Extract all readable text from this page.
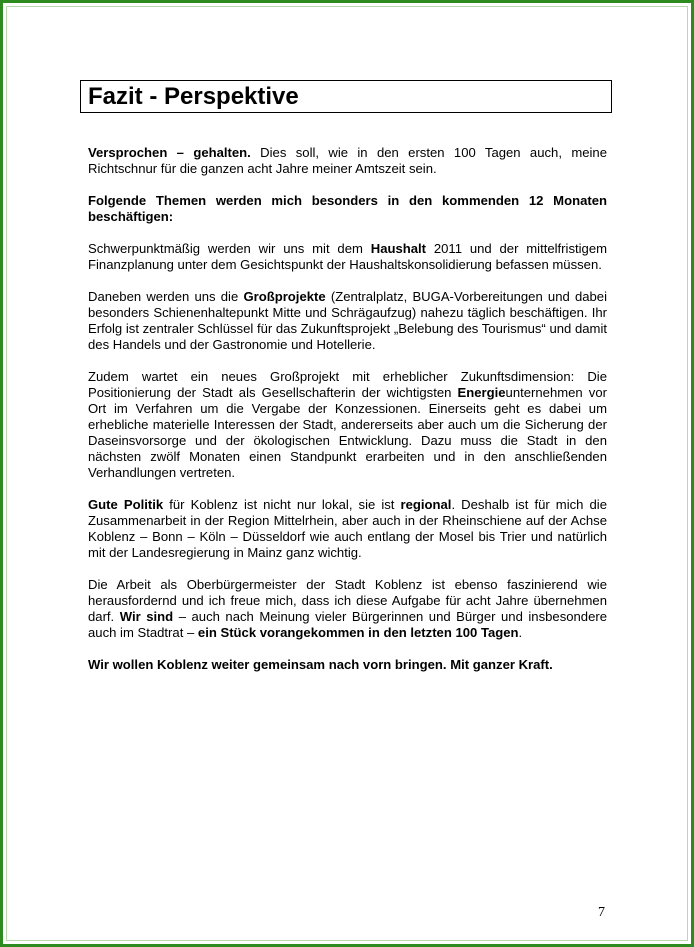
Fazit - Perspektive

Versprochen – gehalten. Dies soll, wie in den ersten 100 Tagen auch, meine Richtschnur für die ganzen acht Jahre meiner Amtszeit sein.

Folgende Themen werden mich besonders in den kommenden 12 Monaten beschäftigen:

Schwerpunktmäßig werden wir uns mit dem Haushalt 2011 und der mittelfristigem Finanzplanung unter dem Gesichtspunkt der Haushaltskonsolidierung befassen müssen.

Daneben werden uns die Großprojekte (Zentralplatz, BUGA-Vorbereitungen und dabei besonders Schienenhaltepunkt Mitte und Schrägaufzug) nahezu täglich beschäftigen. Ihr Erfolg ist zentraler Schlüssel für das Zukunftsprojekt „Belebung des Tourismus“ und damit des Handels und der Gastronomie und Hotellerie.

Zudem wartet ein neues Großprojekt mit erheblicher Zukunftsdimension: Die Positionierung der Stadt als Gesellschafterin der wichtigsten Energieunternehmen vor Ort im Verfahren um die Vergabe der Konzessionen. Einerseits geht es dabei um erhebliche materielle Interessen der Stadt, andererseits aber auch um die Sicherung der Daseinsvorsorge und der ökologischen Entwicklung. Dazu muss die Stadt in den nächsten zwölf Monaten einen Standpunkt erarbeiten und in den anschließenden Verhandlungen vertreten.

Gute Politik für Koblenz ist nicht nur lokal, sie ist regional. Deshalb ist für mich die Zusammenarbeit in der Region Mittelrhein, aber auch in der Rheinschiene auf der Achse Koblenz – Bonn – Köln – Düsseldorf wie auch entlang der Mosel bis Trier und natürlich mit der Landesregierung in Mainz ganz wichtig.

Die Arbeit als Oberbürgermeister der Stadt Koblenz ist ebenso faszinierend wie herausfordernd und ich freue mich, dass ich diese Aufgabe für acht Jahre übernehmen darf. Wir sind – auch nach Meinung vieler Bürgerinnen und Bürger und insbesondere auch im Stadtrat – ein Stück vorangekommen in den letzten 100 Tagen.

Wir wollen Koblenz weiter gemeinsam nach vorn bringen. Mit ganzer Kraft.

7
